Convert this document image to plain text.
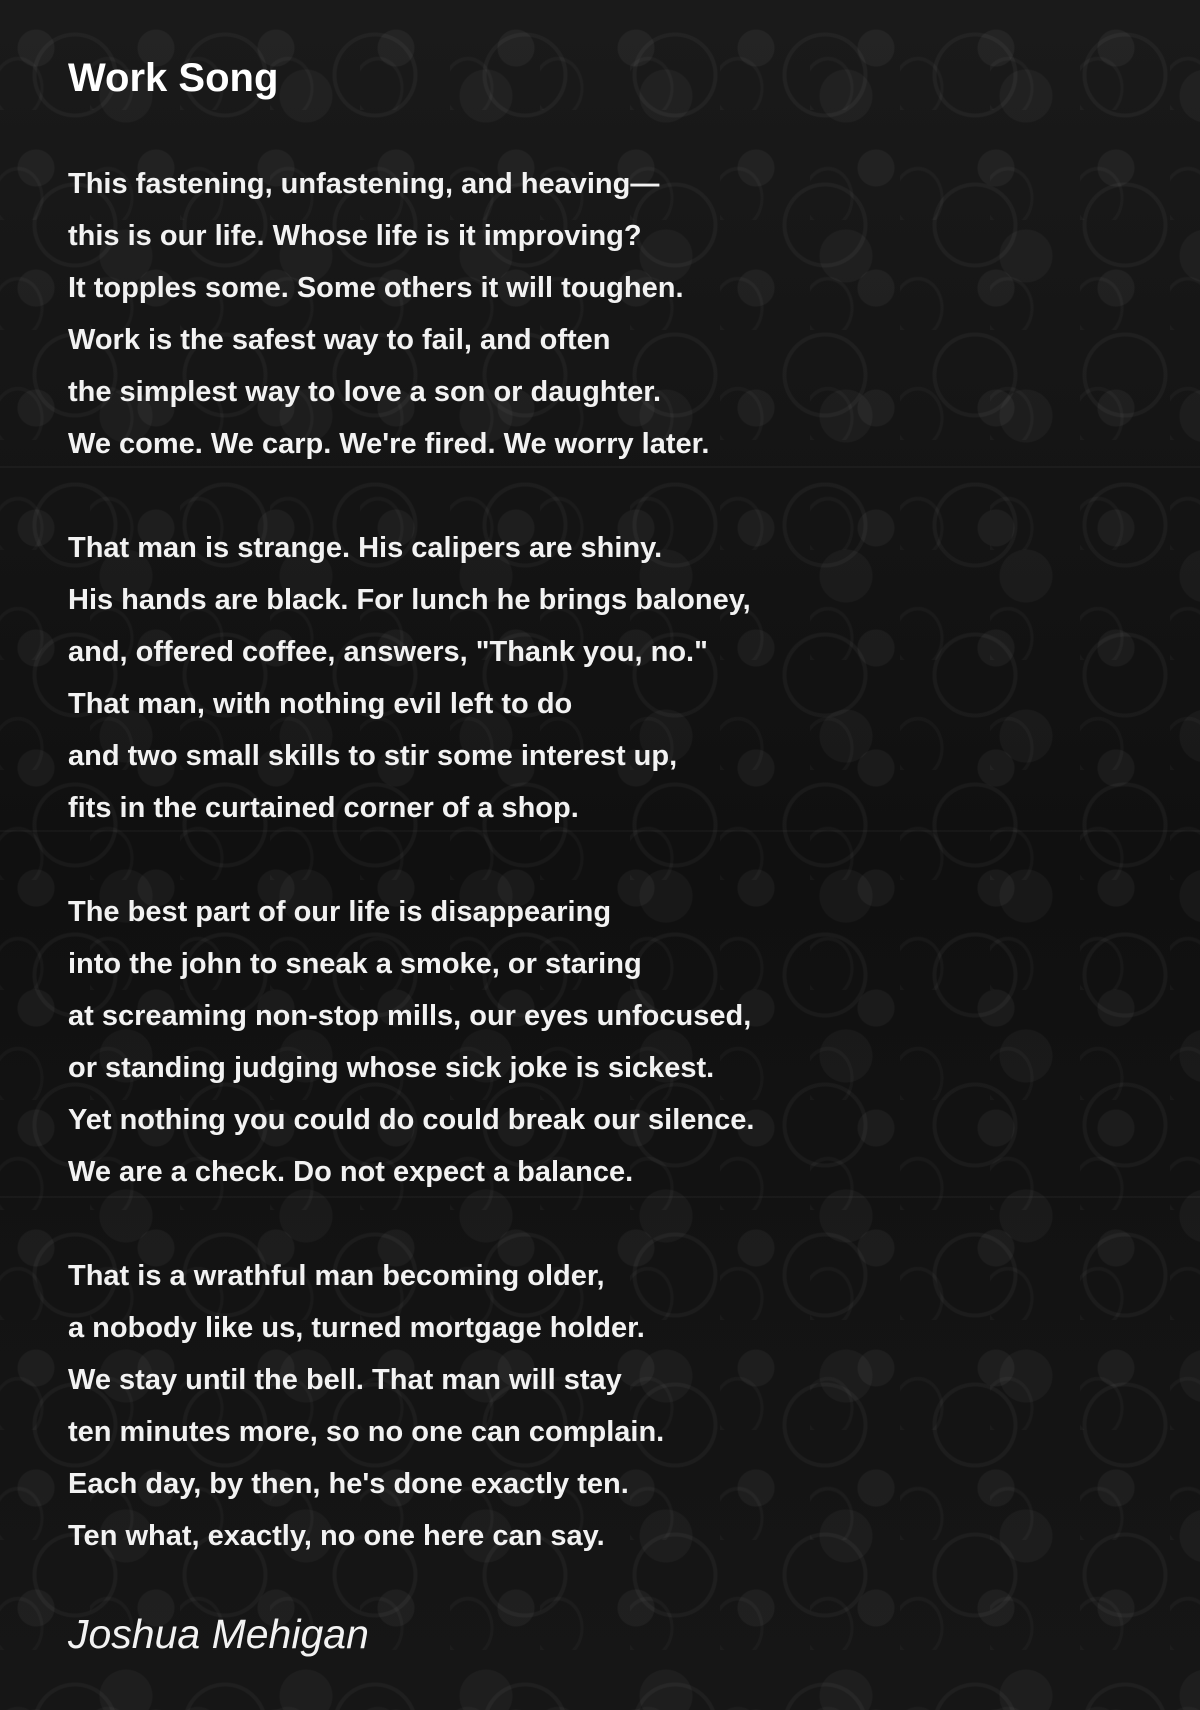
Work Song
This fastening, unfastening, and heaving—
this is our life. Whose life is it improving?
It topples some. Some others it will toughen.
Work is the safest way to fail, and often
the simplest way to love a son or daughter.
We come. We carp. We're fired. We worry later.
That man is strange. His calipers are shiny.
His hands are black. For lunch he brings baloney,
and, offered coffee, answers, "Thank you, no."
That man, with nothing evil left to do
and two small skills to stir some interest up,
fits in the curtained corner of a shop.
The best part of our life is disappearing
into the john to sneak a smoke, or staring
at screaming non-stop mills, our eyes unfocused,
or standing judging whose sick joke is sickest.
Yet nothing you could do could break our silence.
We are a check. Do not expect a balance.
That is a wrathful man becoming older,
a nobody like us, turned mortgage holder.
We stay until the bell. That man will stay
ten minutes more, so no one can complain.
Each day, by then, he's done exactly ten.
Ten what, exactly, no one here can say.
Joshua Mehigan
